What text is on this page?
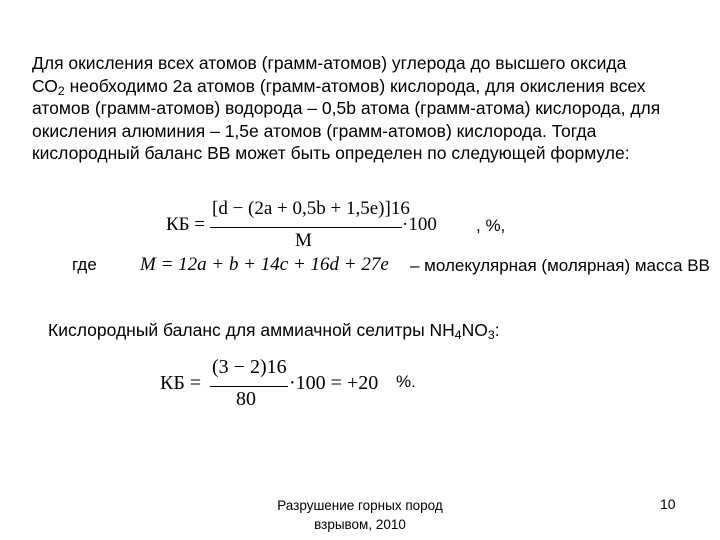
Для окисления всех атомов (грамм-атомов) углерода до высшего оксида
$СО_2$ необходимо 2а атомов (грамм-атомов) кислорода, для окисления всех
атомов (грамм-атомов) водорода – 0,5b атома (грамм-атома) кислорода, для
окисления алюминия – 1,5е атомов (грамм-атомов) кислорода. Тогда
кислородный баланс ВВ может быть определен по следующей формуле:
КБ =
[d − (2a + 0,5b + 1,5e)]16
М
·100 , %,
где M = 12a + b + 14c + 16d + 27e – молекулярная (молярная) масса ВВ
Кислородный баланс для аммиачной селитры $NH_4NO_3$:
КБ =
(3 − 2)16
80
·100 = +20 %.
Разрушение горных пород
взрывом, 2010
10
